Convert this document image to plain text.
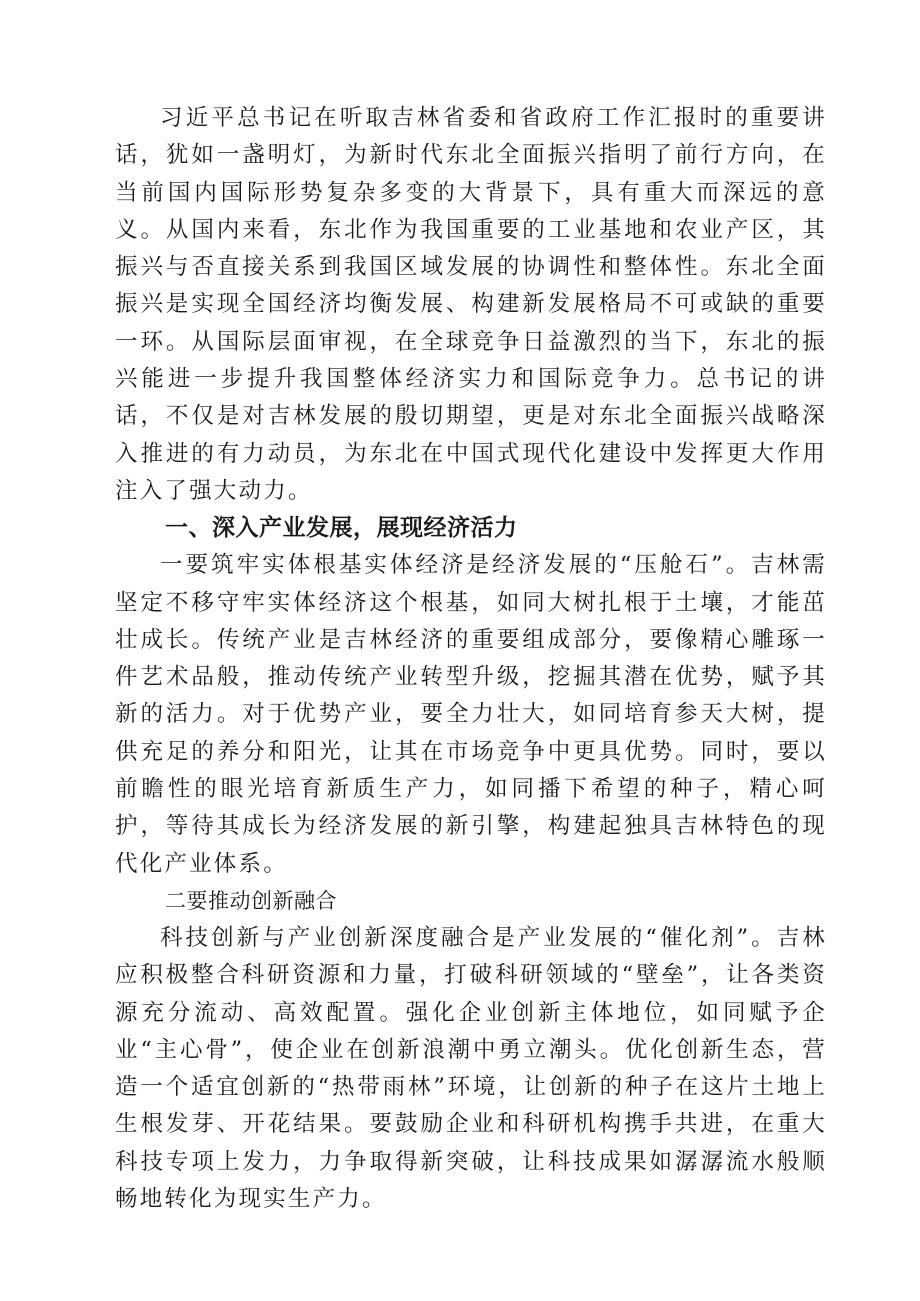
习近平总书记在听取吉林省委和省政府工作汇报时的重要讲话，犹如一盏明灯，为新时代东北全面振兴指明了前行方向，在当前国内国际形势复杂多变的大背景下，具有重大而深远的意义。从国内来看，东北作为我国重要的工业基地和农业产区，其振兴与否直接关系到我国区域发展的协调性和整体性。东北全面振兴是实现全国经济均衡发展、构建新发展格局不可或缺的重要一环。从国际层面审视，在全球竞争日益激烈的当下，东北的振兴能进一步提升我国整体经济实力和国际竞争力。总书记的讲话，不仅是对吉林发展的殷切期望，更是对东北全面振兴战略深入推进的有力动员，为东北在中国式现代化建设中发挥更大作用注入了强大动力。

一、深入产业发展，展现经济活力

一要筑牢实体根基实体经济是经济发展的“压舱石”。吉林需坚定不移守牢实体经济这个根基，如同大树扎根于土壤，才能茁壮成长。传统产业是吉林经济的重要组成部分，要像精心雕琢一件艺术品般，推动传统产业转型升级，挖掘其潜在优势，赋予其新的活力。对于优势产业，要全力壮大，如同培育参天大树，提供充足的养分和阳光，让其在市场竞争中更具优势。同时，要以前瞻性的眼光培育新质生产力，如同播下希望的种子，精心呵护，等待其成长为经济发展的新引擎，构建起独具吉林特色的现代化产业体系。

二要推动创新融合

科技创新与产业创新深度融合是产业发展的“催化剂”。吉林应积极整合科研资源和力量，打破科研领域的“壁垒”，让各类资源充分流动、高效配置。强化企业创新主体地位，如同赋予企业“主心骨”，使企业在创新浪潮中勇立潮头。优化创新生态，营造一个适宜创新的“热带雨林”环境，让创新的种子在这片土地上生根发芽、开花结果。要鼓励企业和科研机构携手共进，在重大科技专项上发力，力争取得新突破，让科技成果如潺潺流水般顺畅地转化为现实生产力。
